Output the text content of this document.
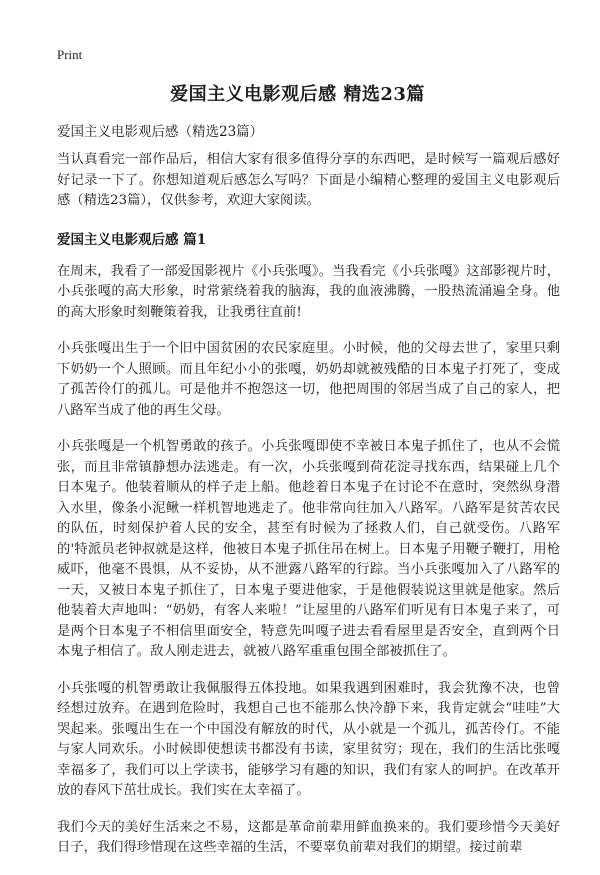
Print
爱国主义电影观后感 精选23篇

爱国主义电影观后感（精选23篇）

当认真看完一部作品后，相信大家有很多值得分享的东西吧，是时候写一篇观后感好好记录一下了。你想知道观后感怎么写吗？下面是小编精心整理的爱国主义电影观后感（精选23篇），仅供参考，欢迎大家阅读。

爱国主义电影观后感 篇1

在周末，我看了一部爱国影视片《小兵张嘎》。当我看完《小兵张嘎》这部影视片时，小兵张嘎的高大形象，时常萦绕着我的脑海，我的血液沸腾，一股热流涌遍全身。他的高大形象时刻鞭策着我，让我勇往直前!

小兵张嘎出生于一个旧中国贫困的农民家庭里。小时候，他的父母去世了，家里只剩下奶奶一个人照顾。而且年纪小小的张嘎，奶奶却就被残酷的日本鬼子打死了，变成了孤苦伶仃的孤儿。可是他并不抱怨这一切，他把周围的邻居当成了自己的家人，把八路军当成了他的再生父母。

小兵张嘎是一个机智勇敢的孩子。小兵张嘎即使不幸被日本鬼子抓住了，也从不会慌张，而且非常镇静想办法逃走。有一次，小兵张嘎到荷花淀寻找东西，结果碰上几个日本鬼子。他装着顺从的样子走上船。他趁着日本鬼子在讨论不在意时，突然纵身潜入水里，像条小泥鳅一样机智地逃走了。他非常向往加入八路军。八路军是贫苦农民的队伍，时刻保护着人民的安全，甚至有时候为了拯救人们，自己就受伤。八路军的'特派员老钟叔就是这样，他被日本鬼子抓住吊在树上。日本鬼子用鞭子鞭打，用枪威吓，他毫不畏惧，从不妥协，从不泄露八路军的行踪。当小兵张嘎加入了八路军的一天，又被日本鬼子抓住了，日本鬼子要进他家，于是他假装说这里就是他家。然后他装着大声地叫：“奶奶，有客人来啦！”让屋里的八路军们听见有日本鬼子来了，可是两个日本鬼子不相信里面安全，特意先叫嘎子进去看看屋里是否安全，直到两个日本鬼子相信了。敌人刚走进去，就被八路军重重包围全部被抓住了。

小兵张嘎的机智勇敢让我佩服得五体投地。如果我遇到困难时，我会犹豫不决，也曾经想过放弃。在遇到危险时，我想自己也不能那么快冷静下来，我肯定就会“哇哇”大哭起来。张嘎出生在一个中国没有解放的时代，从小就是一个孤儿，孤苦伶仃。不能与家人同欢乐。小时候即使想读书都没有书读，家里贫穷；现在，我们的生活比张嘎幸福多了，我们可以上学读书，能够学习有趣的知识，我们有家人的呵护。在改革开放的春风下茁壮成长。我们实在太幸福了。

我们今天的美好生活来之不易，这都是革命前辈用鲜血换来的。我们要珍惜今天美好日子，我们得珍惜现在这些幸福的生活，不要辜负前辈对我们的期望。接过前辈
